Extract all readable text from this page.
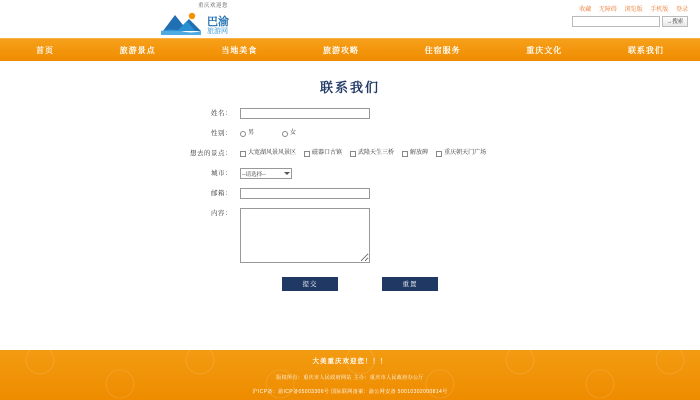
重庆欢迎您
巴渝
旅游网
收藏 无障碍 浏览版 手机版 登录
→搜索
首页	旅游景点	当地美食	旅游攻略	住宿服务	重庆文化	联系我们
联系我们
姓名：
性别：	男	女
想去的景点：	大宽湖风景风景区	磁器口古镇	武隆天生三桥	解放碑	重庆朝天门广场
城市：	--请选择--
邮箱：
内容：
提交	重置
大美重庆欢迎您！！！
版权所有：重庆市人民政府网站 主办：重庆市人民政府办公厅
沪ICP备：渝ICP备05003306号 国际联网备案：渝公网安备 50010302000814号
